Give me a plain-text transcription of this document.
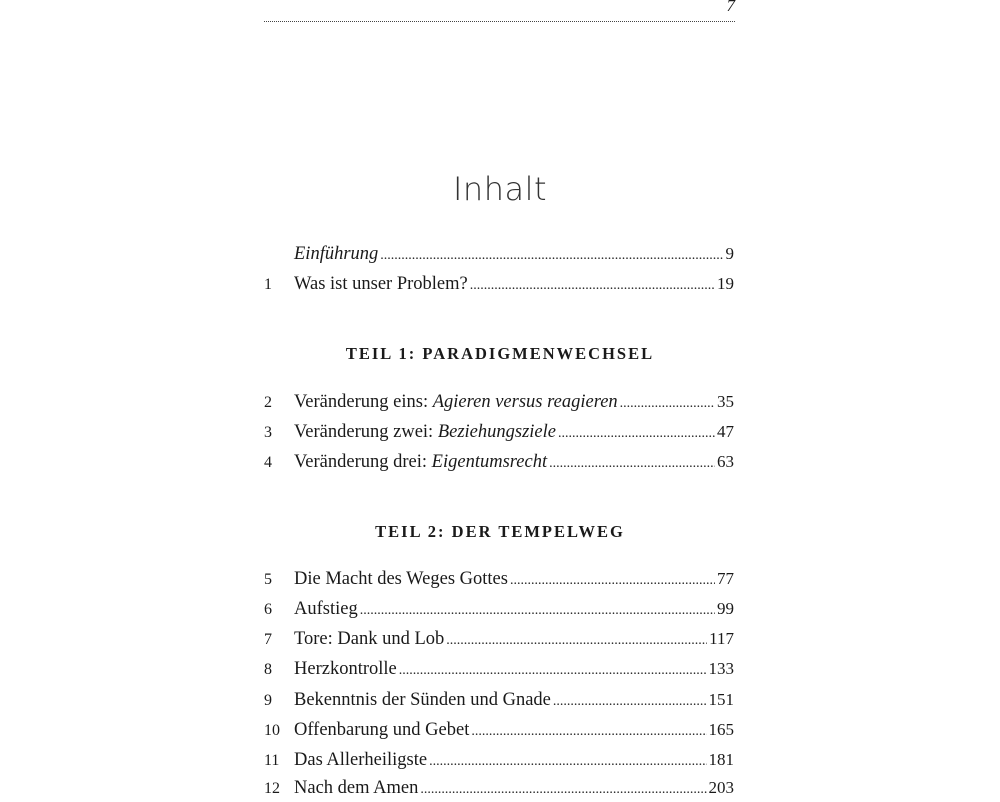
7
Inhalt
Einführung .....	9
1	Was ist unser Problem? .....	19
TEIL 1: PARADIGMENWECHSEL
2	Veränderung eins: Agieren versus reagieren .....	35
3	Veränderung zwei: Beziehungsziele .....	47
4	Veränderung drei: Eigentumsrecht .....	63
TEIL 2: DER TEMPELWEG
5	Die Macht des Weges Gottes .....	77
6	Aufstieg .....	99
7	Tore: Dank und Lob .....	117
8	Herzkontrolle .....	133
9	Bekenntnis der Sünden und Gnade .....	151
10 Offenbarung und Gebet .....	165
11 Das Allerheiligste .....	181
12 Nach dem Amen .....	203
